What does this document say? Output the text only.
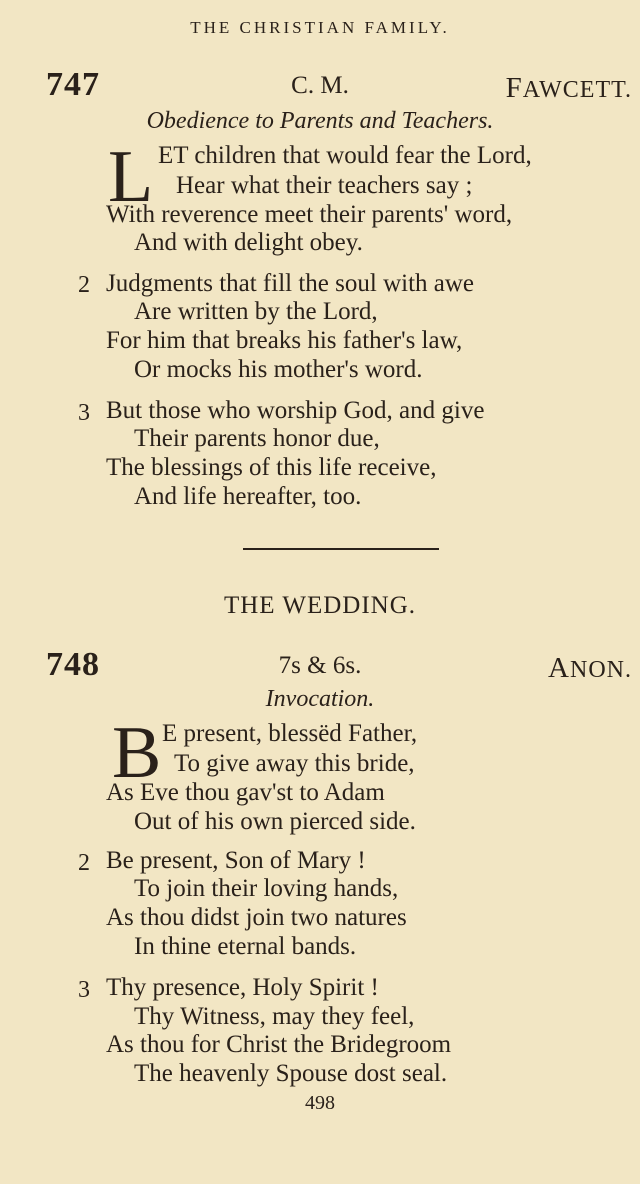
THE CHRISTIAN FAMILY.
747	C. M.	FAWCETT.
Obedience to Parents and Teachers.
L ET children that would fear the Lord,
Hear what their teachers say ;
With reverence meet their parents' word,
And with delight obey.
2 Judgments that fill the soul with awe
Are written by the Lord,
For him that breaks his father's law,
Or mocks his mother's word.
3 But those who worship God, and give
Their parents honor due,
The blessings of this life receive,
And life hereafter, too.
THE WEDDING.
748	7s & 6s.	ANON.
Invocation.
B E present, blessëd Father,
To give away this bride,
As Eve thou gav'st to Adam
Out of his own pierced side.
2 Be present, Son of Mary !
To join their loving hands,
As thou didst join two natures
In thine eternal bands.
3 Thy presence, Holy Spirit !
Thy Witness, may they feel,
As thou for Christ the Bridegroom
The heavenly Spouse dost seal.
498
